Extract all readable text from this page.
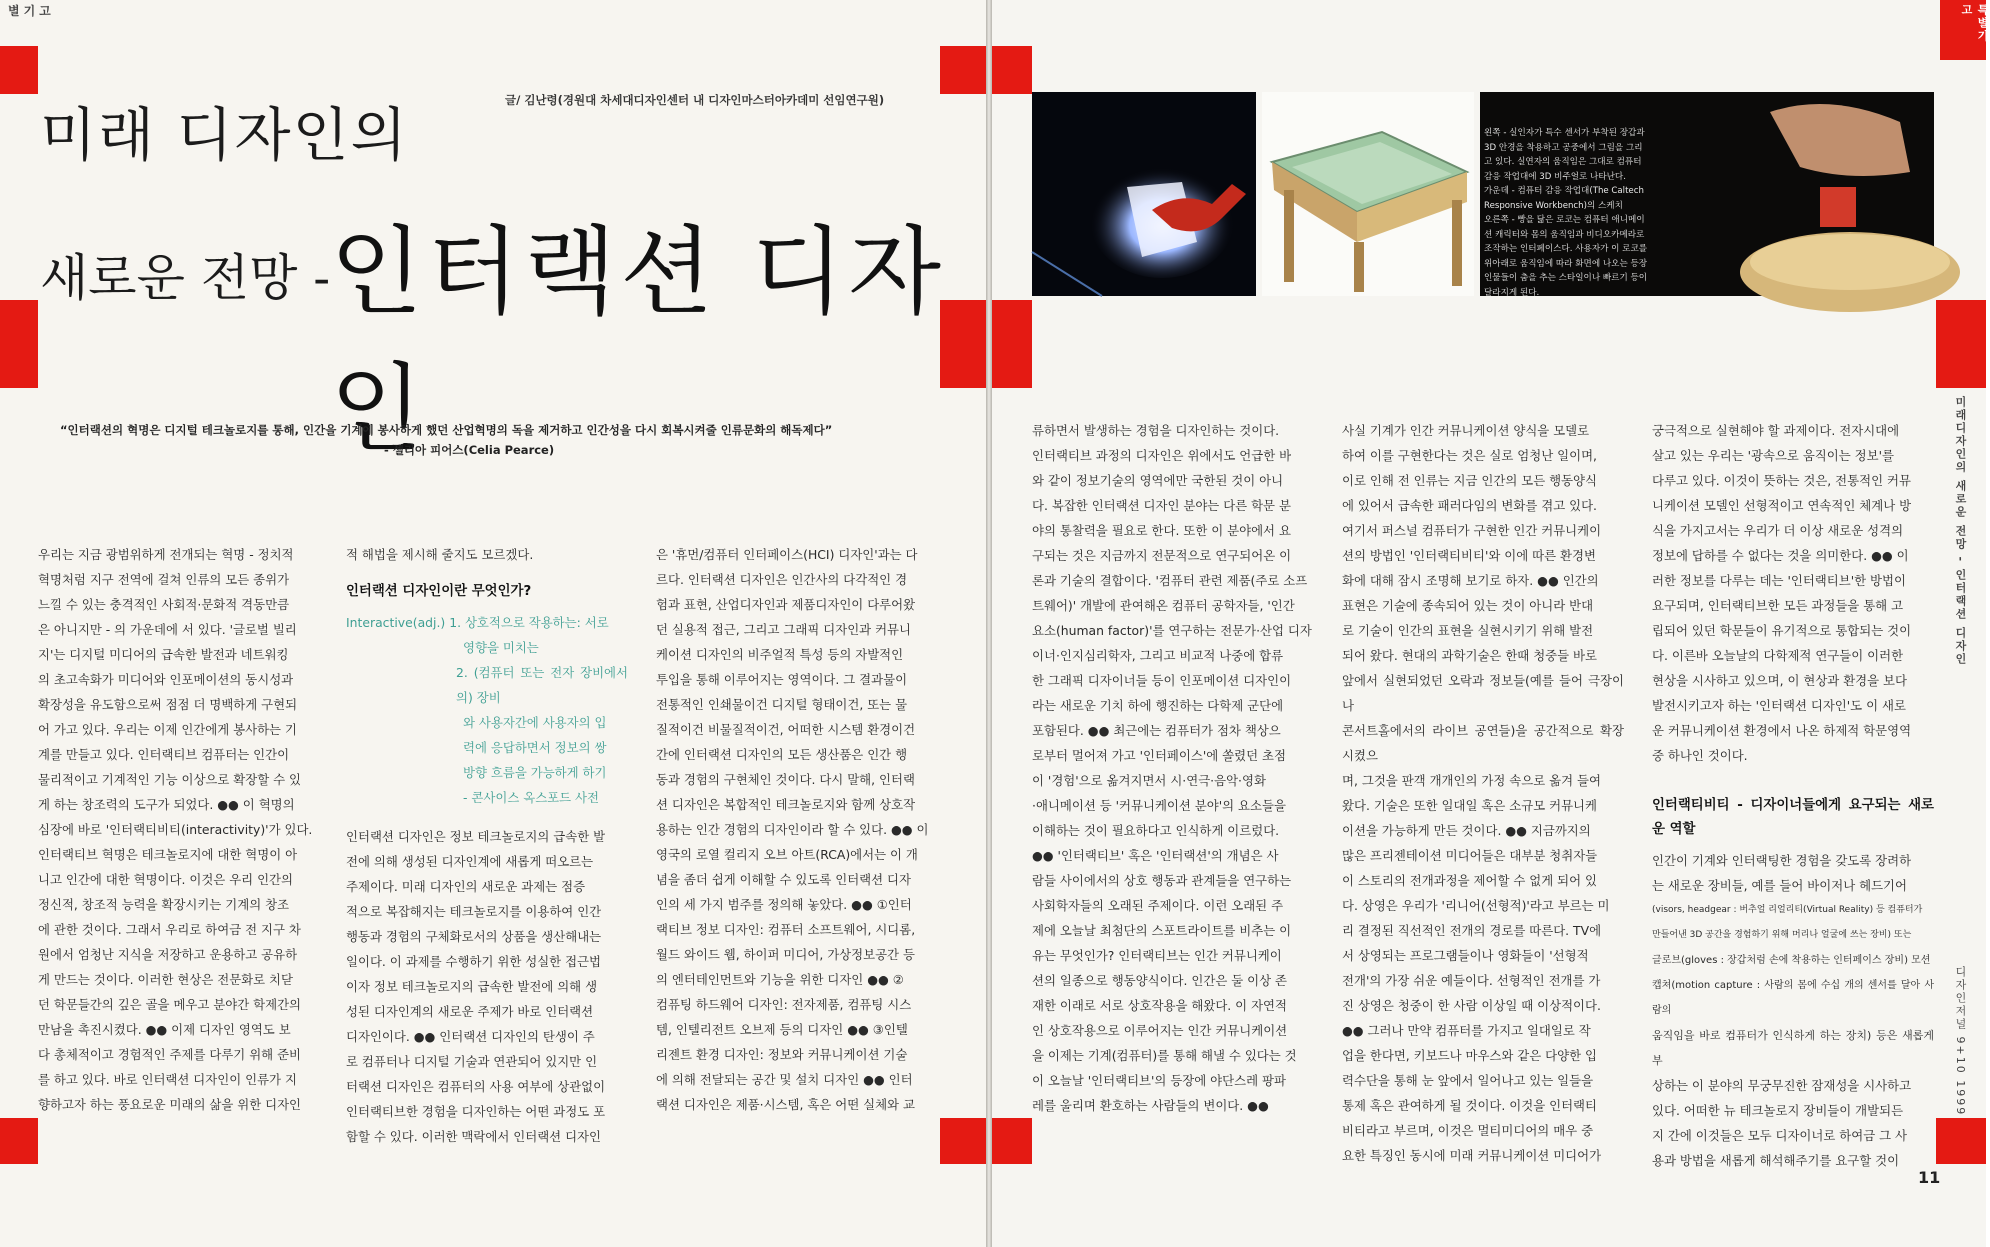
별기고
미래 디자인의
새로운 전망 - 인터랙션 디자인
글/ 김난령(경원대 차세대디자인센터 내 디자인마스터아카데미 선임연구원)
“인터랙션의 혁명은 디지털 테크놀로지를 통해, 인간을 기계에 봉사하게 했던 산업혁명의 독을 제거하고 인간성을 다시 회복시켜줄 인류문화의 해독제다”
- 셀리아 피어스(Celia Pearce)

우리는 지금 광범위하게 전개되는 혁명 - 정치적

혁명처럼 지구 전역에 걸쳐 인류의 모든 종위가

느낄 수 있는 충격적인 사회적·문화적 격동만큼

은 아니지만 - 의 가운데에 서 있다. '글로벌 빌리

지'는 디지털 미디어의 급속한 발전과 네트워킹

의 초고속화가 미디어와 인포메이션의 동시성과

확장성을 유도함으로써 점점 더 명백하게 구현되

어 가고 있다. 우리는 이제 인간에게 봉사하는 기

계를 만들고 있다. 인터랙티브 컴퓨터는 인간이

물리적이고 기계적인 기능 이상으로 확장할 수 있

게 하는 창조력의 도구가 되었다. ●● 이 혁명의

심장에 바로 '인터랙티비티(interactivity)'가 있다.

인터랙티브 혁명은 테크놀로지에 대한 혁명이 아

니고 인간에 대한 혁명이다. 이것은 우리 인간의

정신적, 창조적 능력을 확장시키는 기계의 창조

에 관한 것이다. 그래서 우리로 하여금 전 지구 차

원에서 엄청난 지식을 저장하고 운용하고 공유하

게 만드는 것이다. 이러한 현상은 전문화로 치닫

던 학문들간의 깊은 골을 메우고 분야간 학제간의

만남을 촉진시켰다. ●● 이제 디자인 영역도 보

다 총체적이고 경험적인 주제를 다루기 위해 준비

를 하고 있다. 바로 인터랙션 디자인이 인류가 지

향하고자 하는 풍요로운 미래의 삶을 위한 디자인

적 해법을 제시해 줄지도 모르겠다.

인터랙션 디자인이란 무엇인가?

Interactive(adj.) 1. 상호적으로 작용하는: 서로

영향을 미치는

2. (컴퓨터 또는 전자 장비에서의) 장비

와 사용자간에 사용자의 입

력에 응답하면서 정보의 쌍

방향 흐름을 가능하게 하기

- 콘사이스 옥스포드 사전

인터랙션 디자인은 정보 테크놀로지의 급속한 발

전에 의해 생성된 디자인계에 새롭게 떠오르는

주제이다. 미래 디자인의 새로운 과제는 점증

적으로 복잡해지는 테크놀로지를 이용하여 인간

행동과 경험의 구체화로서의 상품을 생산해내는

일이다. 이 과제를 수행하기 위한 성실한 접근법

이자 정보 테크놀로지의 급속한 발전에 의해 생

성된 디자인계의 새로운 주제가 바로 인터랙션

디자인이다. ●● 인터랙션 디자인의 탄생이 주

로 컴퓨터나 디지털 기술과 연관되어 있지만 인

터랙션 디자인은 컴퓨터의 사용 여부에 상관없이

인터랙티브한 경험을 디자인하는 어떤 과정도 포

함할 수 있다. 이러한 맥락에서 인터랙션 디자인

은 '휴먼/컴퓨터 인터페이스(HCI) 디자인'과는 다

르다. 인터랙션 디자인은 인간사의 다각적인 경

험과 표현, 산업디자인과 제품디자인이 다루어왔

던 실용적 접근, 그리고 그래픽 디자인과 커뮤니

케이션 디자인의 비주얼적 특성 등의 자발적인

투입을 통해 이루어지는 영역이다. 그 결과물이

전통적인 인쇄물이건 디지털 형태이건, 또는 물

질적이건 비물질적이건, 어떠한 시스템 환경이건

간에 인터랙션 디자인의 모든 생산품은 인간 행

동과 경험의 구현체인 것이다. 다시 말해, 인터랙

션 디자인은 복합적인 테크놀로지와 함께 상호작

용하는 인간 경험의 디자인이라 할 수 있다. ●● 이

영국의 로열 컬리지 오브 아트(RCA)에서는 이 개

념을 좀더 쉽게 이해할 수 있도록 인터랙션 디자

인의 세 가지 범주를 정의해 놓았다. ●● ①인터

랙티브 정보 디자인: 컴퓨터 소프트웨어, 시디롬,

월드 와이드 웹, 하이퍼 미디어, 가상정보공간 등

의 엔터테인먼트와 기능을 위한 디자인 ●● ②

컴퓨팅 하드웨어 디자인: 전자제품, 컴퓨팅 시스

템, 인텔리전트 오브제 등의 디자인 ●● ③인텔

리젠트 환경 디자인: 정보와 커뮤니케이션 기술

에 의해 전달되는 공간 및 설치 디자인 ●● 인터

랙션 디자인은 제품·시스템, 혹은 어떤 실체와 교

왼쪽 - 실인자가 특수 센서가 부착된 장갑과 3D 안경을 착용하고 공중에서 그림을 그리고 있다. 실연자의 움직임은 그대로 컴퓨터 감응 작업대에 3D 비주얼로 나타난다.
가운데 - 컴퓨터 감응 작업대(The Caltech Responsive Workbench)의 스케치
오른쪽 - 빵을 닮은 로코는 컴퓨터 애니메이션 캐릭터와 몸의 움직임과 비디오카메라로 조작하는 인터페이스다. 사용자가 이 로코를 위아래로 움직임에 따라 화면에 나오는 등장인물들이 춤을 추는 스타일이나 빠르기 등이 달라지게 된다.
특별기고
미래디자인의 새로운 전망 - 인터랙션 디자인
디자인저널 9+10 1999
11

류하면서 발생하는 경험을 디자인하는 것이다.

인터랙티브 과정의 디자인은 위에서도 언급한 바

와 같이 정보기술의 영역에만 국한된 것이 아니

다. 복잡한 인터랙션 디자인 분야는 다른 학문 분

야의 통찰력을 필요로 한다. 또한 이 분야에서 요

구되는 것은 지금까지 전문적으로 연구되어온 이

론과 기술의 결합이다. '컴퓨터 관련 제품(주로 소프

트웨어)' 개발에 관여해온 컴퓨터 공학자들, '인간

요소(human factor)'를 연구하는 전문가·산업 디자

이너·인지심리학자, 그리고 비교적 나중에 합류

한 그래픽 디자이너들 등이 인포메이션 디자인이

라는 새로운 기치 하에 행진하는 다학제 군단에

포함된다. ●● 최근에는 컴퓨터가 점차 책상으

로부터 멀어져 가고 '인터페이스'에 쏠렸던 초점

이 '경험'으로 옮겨지면서 시·연극·음악·영화

·애니메이션 등 '커뮤니케이션 분야'의 요소들을

이해하는 것이 필요하다고 인식하게 이르렀다.

●● '인터랙티브' 혹은 '인터랙션'의 개념은 사

람들 사이에서의 상호 행동과 관계들을 연구하는

사회학자들의 오래된 주제이다. 이런 오래된 주

제에 오늘날 최첨단의 스포트라이트를 비추는 이

유는 무엇인가? 인터랙티브는 인간 커뮤니케이

션의 일종으로 행동양식이다. 인간은 둘 이상 존

재한 이래로 서로 상호작용을 해왔다. 이 자연적

인 상호작용으로 이루어지는 인간 커뮤니케이션

을 이제는 기계(컴퓨터)를 통해 해낼 수 있다는 것

이 오늘날 '인터랙티브'의 등장에 야단스레 팡파

레를 울리며 환호하는 사람들의 변이다. ●●

사실 기계가 인간 커뮤니케이션 양식을 모델로

하여 이를 구현한다는 것은 실로 엄청난 일이며,

이로 인해 전 인류는 지금 인간의 모든 행동양식

에 있어서 급속한 패러다임의 변화를 겪고 있다.

여기서 퍼스널 컴퓨터가 구현한 인간 커뮤니케이

션의 방법인 '인터랙티비티'와 이에 따른 환경변

화에 대해 잠시 조명해 보기로 하자. ●● 인간의

표현은 기술에 종속되어 있는 것이 아니라 반대

로 기술이 인간의 표현을 실현시키기 위해 발전

되어 왔다. 현대의 과학기술은 한때 청중들 바로

앞에서 실현되었던 오락과 정보들(예를 들어 극장이나

콘서트홀에서의 라이브 공연들)을 공간적으로 확장시켰으

며, 그것을 판객 개개인의 가정 속으로 옮겨 들여

왔다. 기술은 또한 일대일 혹은 소규모 커뮤니케

이션을 가능하게 만든 것이다. ●● 지금까지의

많은 프리젠테이션 미디어들은 대부분 청취자들

이 스토리의 전개과정을 제어할 수 없게 되어 있

다. 상영은 우리가 '리니어(선형적)'라고 부르는 미

리 결정된 직선적인 전개의 경로를 따른다. TV에

서 상영되는 프로그램들이나 영화들이 '선형적

전개'의 가장 쉬운 예들이다. 선형적인 전개를 가

진 상영은 청중이 한 사람 이상일 때 이상적이다.

●● 그러나 만약 컴퓨터를 가지고 일대일로 작

업을 한다면, 키보드나 마우스와 같은 다양한 입

력수단을 통해 눈 앞에서 일어나고 있는 일들을

통제 혹은 관여하게 될 것이다. 이것을 인터랙티

비티라고 부르며, 이것은 멀티미디어의 매우 중

요한 특징인 동시에 미래 커뮤니케이션 미디어가

궁극적으로 실현해야 할 과제이다. 전자시대에

살고 있는 우리는 '광속으로 움직이는 정보'를

다루고 있다. 이것이 뜻하는 것은, 전통적인 커뮤

니케이션 모델인 선형적이고 연속적인 체계나 방

식을 가지고서는 우리가 더 이상 새로운 성격의

정보에 답하를 수 없다는 것을 의미한다. ●● 이

러한 정보를 다루는 데는 '인터랙티브'한 방법이

요구되며, 인터랙티브한 모든 과정들을 통해 고

립되어 있던 학문들이 유기적으로 통합되는 것이

다. 이른바 오늘날의 다학제적 연구들이 이러한

현상을 시사하고 있으며, 이 현상과 환경을 보다

발전시키고자 하는 '인터랙션 디자인'도 이 새로

운 커뮤니케이션 환경에서 나온 하제적 학문영역

중 하나인 것이다.

인터랙티비티 - 디자이너들에게 요구되는 새로운 역할

인간이 기계와 인터랙팅한 경험을 갖도록 장려하

는 새로운 장비들, 예를 들어 바이저나 헤드기어

(visors, headgear : 버추얼 리얼리티(Virtual Reality) 등 컴퓨터가

만들어낸 3D 공간을 경험하기 위해 머리나 얼굴에 쓰는 장비) 또는

글로브(gloves : 장갑처럼 손에 착용하는 인터페이스 장비) 모션

캡쳐(motion capture : 사람의 몸에 수십 개의 센서를 달아 사람의

움직임을 바로 컴퓨터가 인식하게 하는 장치) 등은 새롭게 부

상하는 이 분야의 무궁무진한 잠재성을 시사하고

있다. 어떠한 뉴 테크놀로지 장비들이 개발되든

지 간에 이것들은 모두 디자이너로 하여금 그 사

용과 방법을 새롭게 해석해주기를 요구할 것이
